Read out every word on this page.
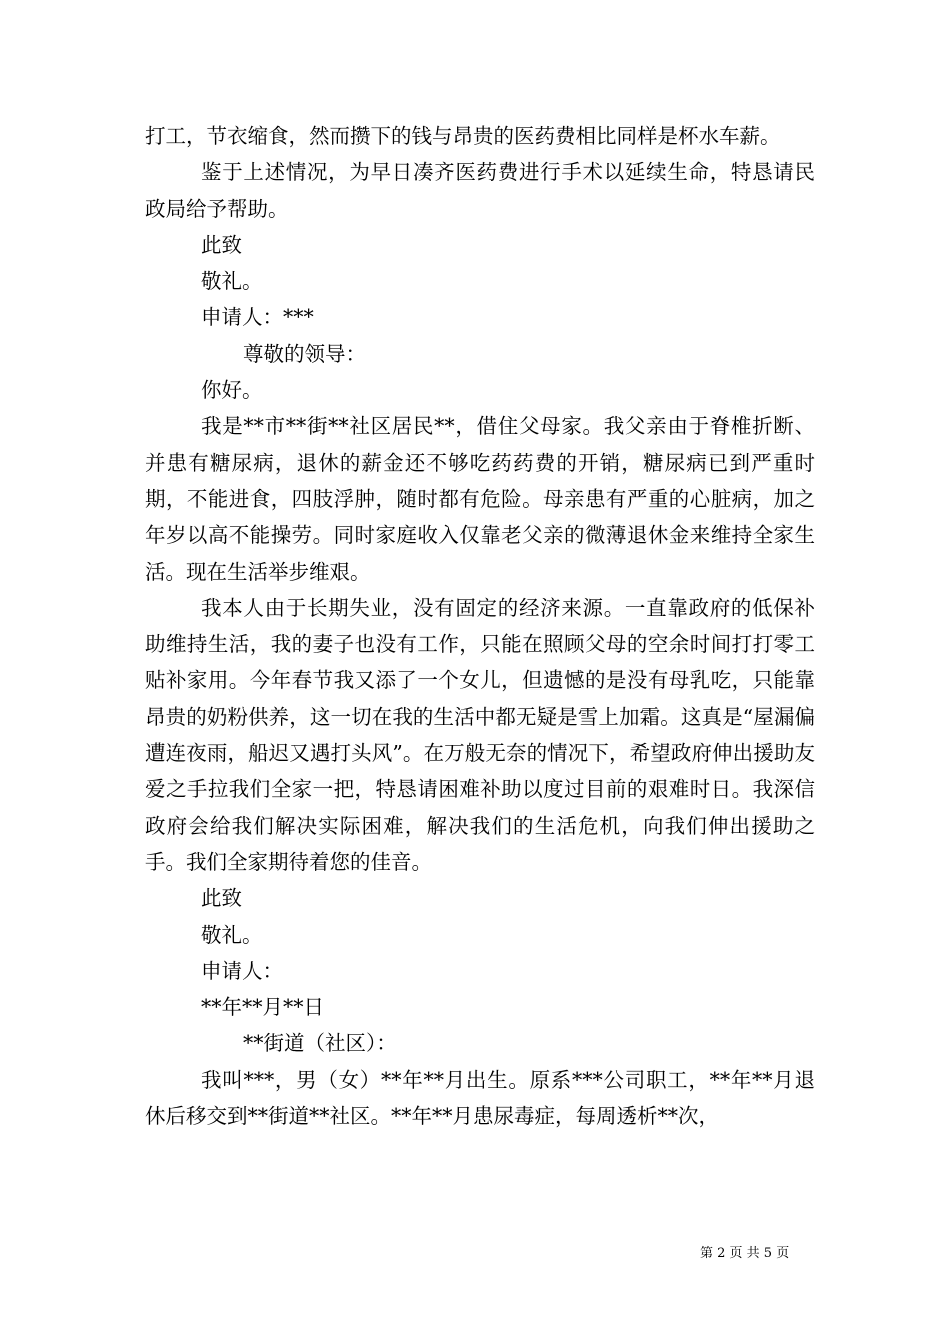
打工，节衣缩食，然而攒下的钱与昂贵的医药费相比同样是杯水车薪。

鉴于上述情况，为早日凑齐医药费进行手术以延续生命，特恳请民政局给予帮助。

此致

敬礼。

申请人：***

尊敬的领导：

你好。

我是**市**街**社区居民**，借住父母家。我父亲由于脊椎折断、并患有糖尿病，退休的薪金还不够吃药药费的开销，糖尿病已到严重时期，不能进食，四肢浮肿，随时都有危险。母亲患有严重的心脏病，加之年岁以高不能操劳。同时家庭收入仅靠老父亲的微薄退休金来维持全家生活。现在生活举步维艰。

我本人由于长期失业，没有固定的经济来源。一直靠政府的低保补助维持生活，我的妻子也没有工作，只能在照顾父母的空余时间打打零工贴补家用。今年春节我又添了一个女儿，但遗憾的是没有母乳吃，只能靠昂贵的奶粉供养，这一切在我的生活中都无疑是雪上加霜。这真是“屋漏偏遭连夜雨，船迟又遇打头风”。在万般无奈的情况下，希望政府伸出援助友爱之手拉我们全家一把，特恳请困难补助以度过目前的艰难时日。我深信政府会给我们解决实际困难，解决我们的生活危机，向我们伸出援助之手。我们全家期待着您的佳音。

此致

敬礼。

申请人：

**年**月**日

**街道（社区）：

我叫***，男（女）**年**月出生。原系***公司职工，**年**月退休后移交到**街道**社区。**年**月患尿毒症，每周透析**次，

第 2 页 共 5 页
